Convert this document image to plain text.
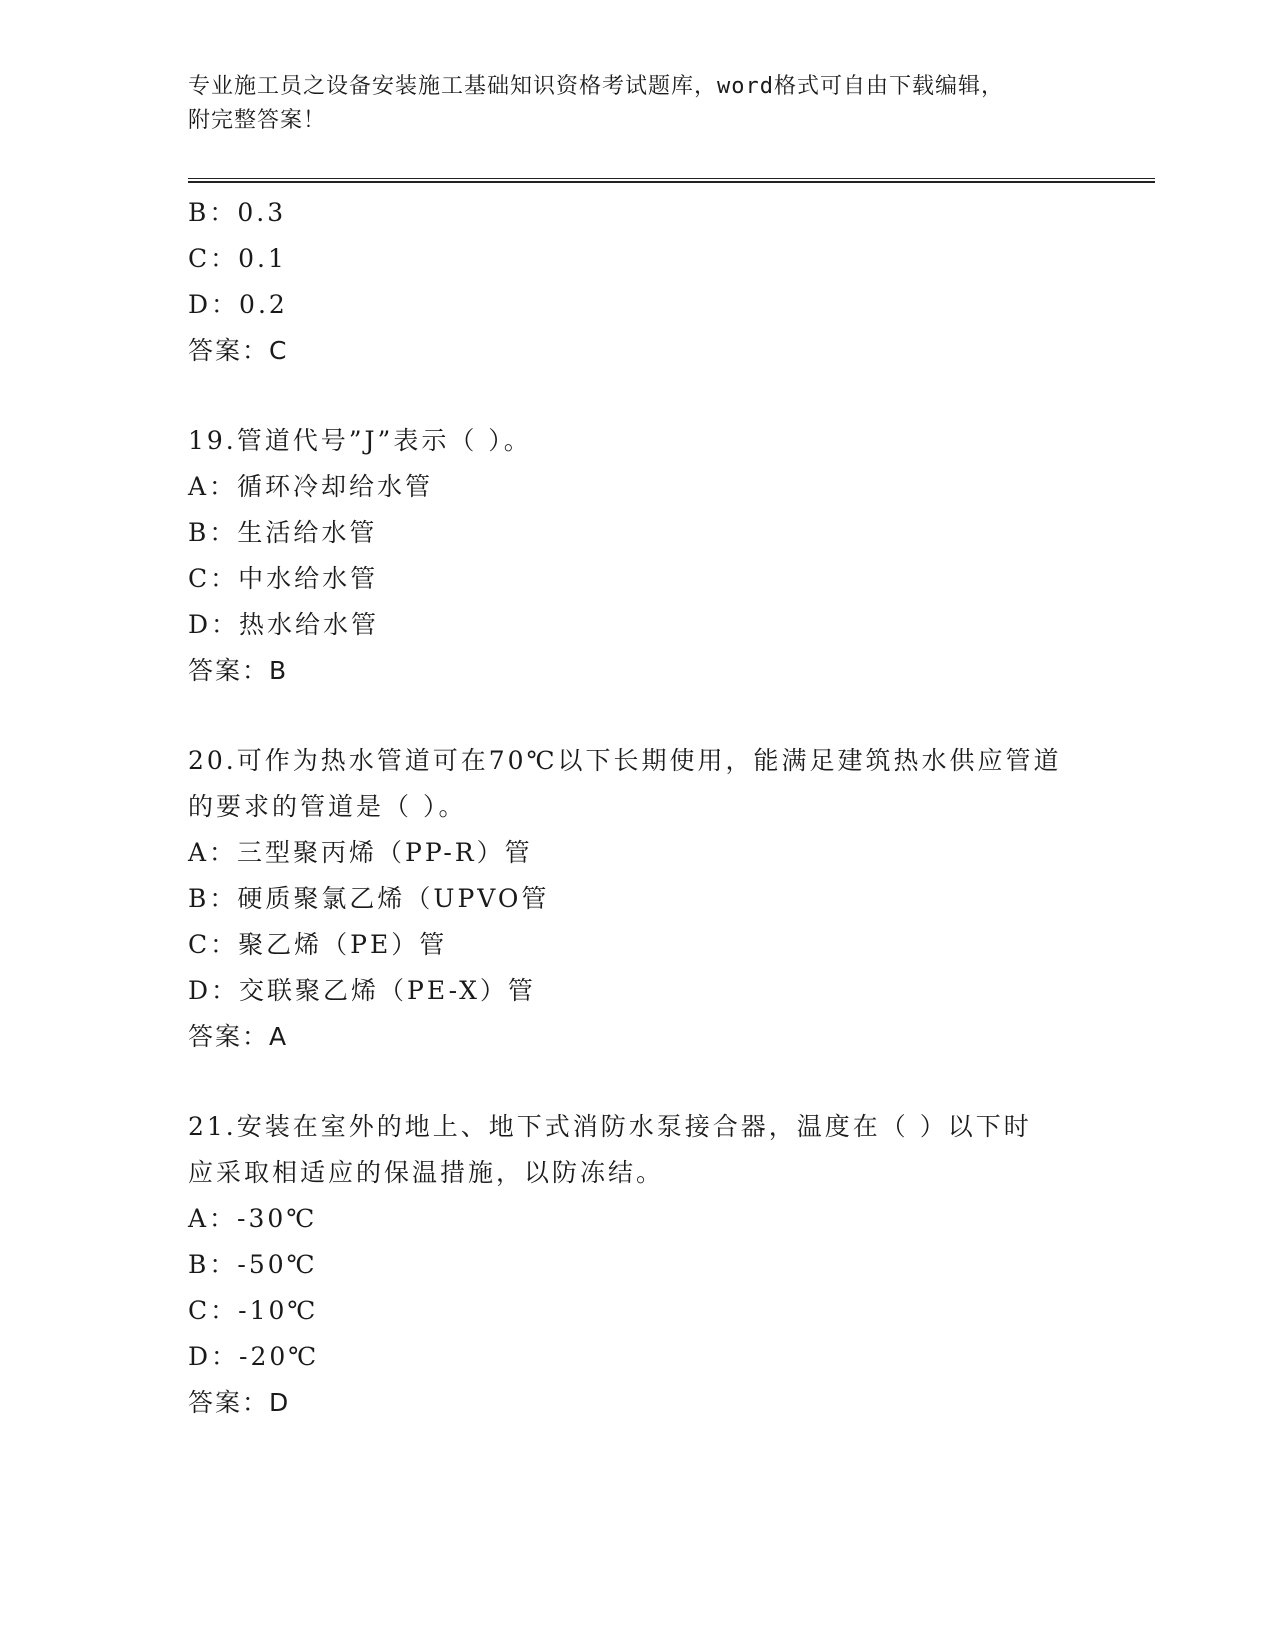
专业施工员之设备安装施工基础知识资格考试题库，word格式可自由下载编辑，
附完整答案！
B：0.3
C：0.1
D：0.2
答案：C
19.管道代号”J”表示（ ）。
A：循环冷却给水管
B：生活给水管
C：中水给水管
D：热水给水管
答案：B
20.可作为热水管道可在70℃以下长期使用，能满足建筑热水供应管道
的要求的管道是（ ）。
A：三型聚丙烯（PP-R）管
B：硬质聚氯乙烯（UPVO管
C：聚乙烯（PE）管
D：交联聚乙烯（PE-X）管
答案：A
21.安装在室外的地上、地下式消防水泵接合器，温度在（ ）以下时
应采取相适应的保温措施，以防冻结。
A：-30℃
B：-50℃
C：-10℃
D：-20℃
答案：D
